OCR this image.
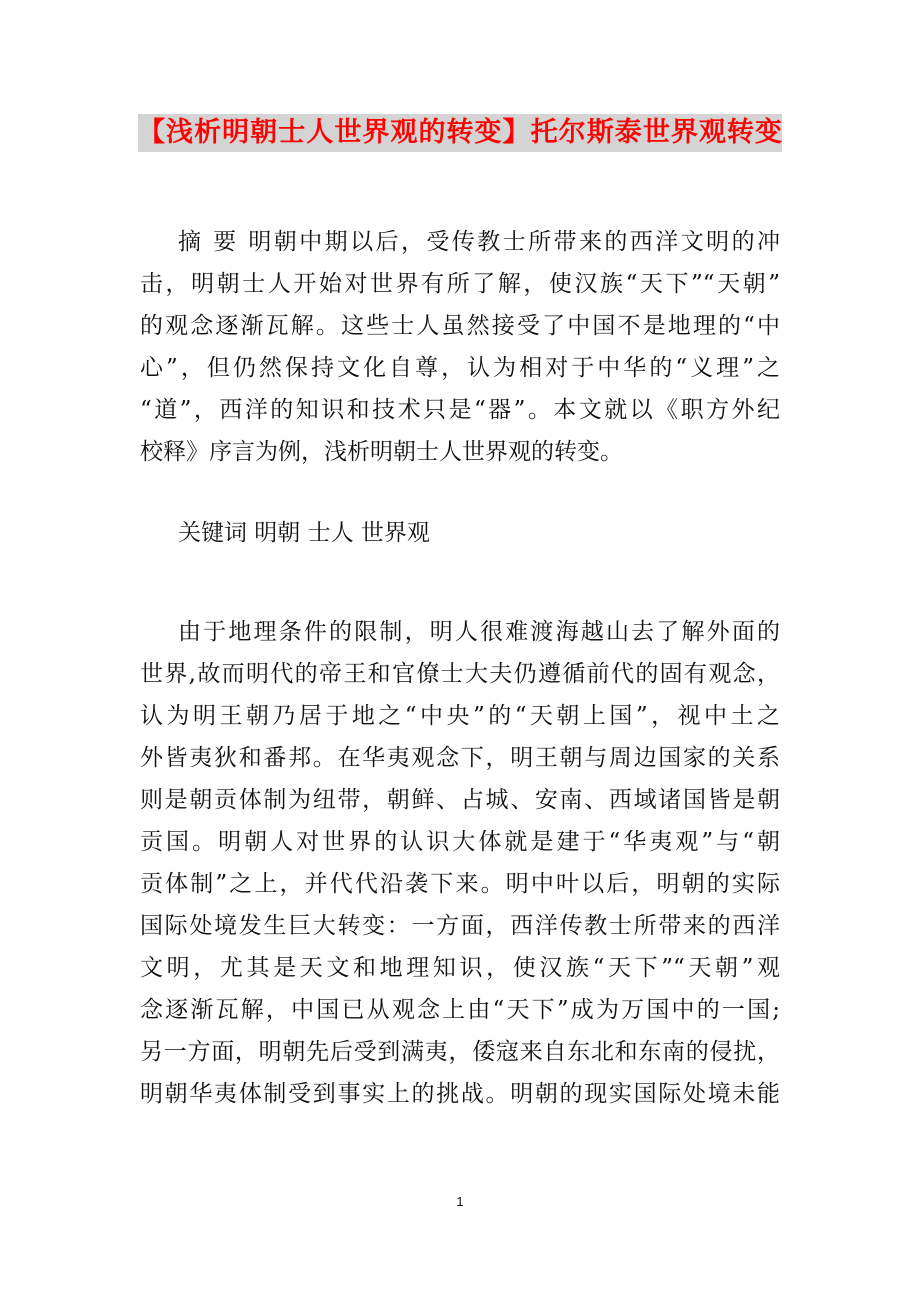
【浅析明朝士人世界观的转变】托尔斯泰世界观转变
摘 要 明朝中期以后，受传教士所带来的西洋文明的冲
击，明朝士人开始对世界有所了解，使汉族“天下”“天朝”
的观念逐渐瓦解。这些士人虽然接受了中国不是地理的“中
心”，但仍然保持文化自尊，认为相对于中华的“义理”之
“道”，西洋的知识和技术只是“器”。本文就以《职方外纪
校释》序言为例，浅析明朝士人世界观的转变。
关键词 明朝 士人 世界观
由于地理条件的限制，明人很难渡海越山去了解外面的
世界,故而明代的帝王和官僚士大夫仍遵循前代的固有观念，
认为明王朝乃居于地之“中央”的“天朝上国”，视中土之
外皆夷狄和番邦。在华夷观念下，明王朝与周边国家的关系
则是朝贡体制为纽带，朝鲜、占城、安南、西域诸国皆是朝
贡国。明朝人对世界的认识大体就是建于“华夷观”与“朝
贡体制”之上，并代代沿袭下来。明中叶以后，明朝的实际
国际处境发生巨大转变：一方面，西洋传教士所带来的西洋
文明，尤其是天文和地理知识，使汉族“天下”“天朝”观
念逐渐瓦解，中国已从观念上由“天下”成为万国中的一国;
另一方面，明朝先后受到满夷，倭寇来自东北和东南的侵扰，
明朝华夷体制受到事实上的挑战。明朝的现实国际处境未能
1
